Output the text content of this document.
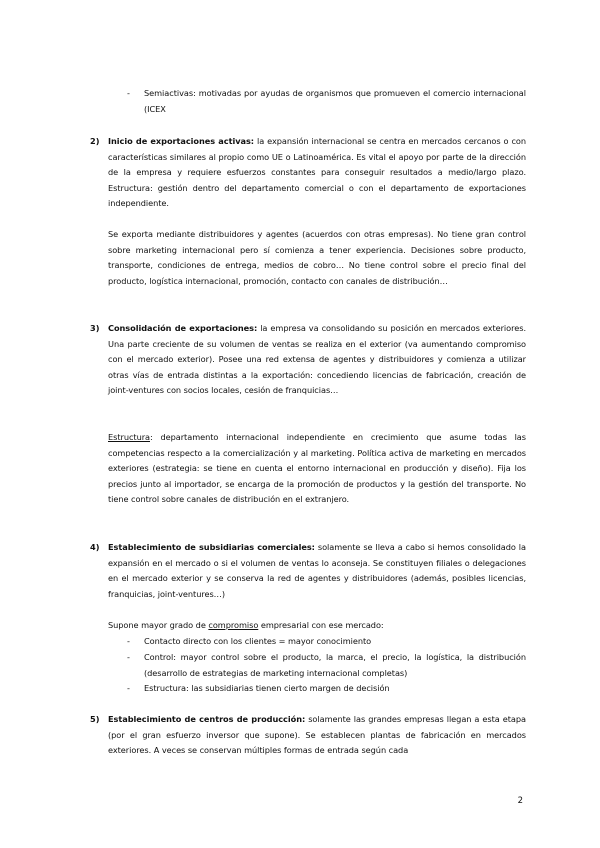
- Semiactivas: motivadas por ayudas de organismos que promueven el comercio internacional (ICEX
2) Inicio de exportaciones activas: la expansión internacional se centra en mercados cercanos o con características similares al propio como UE o Latinoamérica. Es vital el apoyo por parte de la dirección de la empresa y requiere esfuerzos constantes para conseguir resultados a medio/largo plazo. Estructura: gestión dentro del departamento comercial o con el departamento de exportaciones independiente.
Se exporta mediante distribuidores y agentes (acuerdos con otras empresas). No tiene gran control sobre marketing internacional pero sí comienza a tener experiencia. Decisiones sobre producto, transporte, condiciones de entrega, medios de cobro… No tiene control sobre el precio final del producto, logística internacional, promoción, contacto con canales de distribución…
3) Consolidación de exportaciones: la empresa va consolidando su posición en mercados exteriores. Una parte creciente de su volumen de ventas se realiza en el exterior (va aumentando compromiso con el mercado exterior). Posee una red extensa de agentes y distribuidores y comienza a utilizar otras vías de entrada distintas a la exportación: concediendo licencias de fabricación, creación de joint-ventures con socios locales, cesión de franquicias…
Estructura: departamento internacional independiente en crecimiento que asume todas las competencias respecto a la comercialización y al marketing. Política activa de marketing en mercados exteriores (estrategia: se tiene en cuenta el entorno internacional en producción y diseño). Fija los precios junto al importador, se encarga de la promoción de productos y la gestión del transporte. No tiene control sobre canales de distribución en el extranjero.
4) Establecimiento de subsidiarias comerciales: solamente se lleva a cabo si hemos consolidado la expansión en el mercado o si el volumen de ventas lo aconseja. Se constituyen filiales o delegaciones en el mercado exterior y se conserva la red de agentes y distribuidores (además, posibles licencias, franquicias, joint-ventures…)
Supone mayor grado de compromiso empresarial con ese mercado:
- Contacto directo con los clientes = mayor conocimiento
- Control: mayor control sobre el producto, la marca, el precio, la logística, la distribución (desarrollo de estrategias de marketing internacional completas)
- Estructura: las subsidiarias tienen cierto margen de decisión
5) Establecimiento de centros de producción: solamente las grandes empresas llegan a esta etapa (por el gran esfuerzo inversor que supone). Se establecen plantas de fabricación en mercados exteriores. A veces se conservan múltiples formas de entrada según cada
2
